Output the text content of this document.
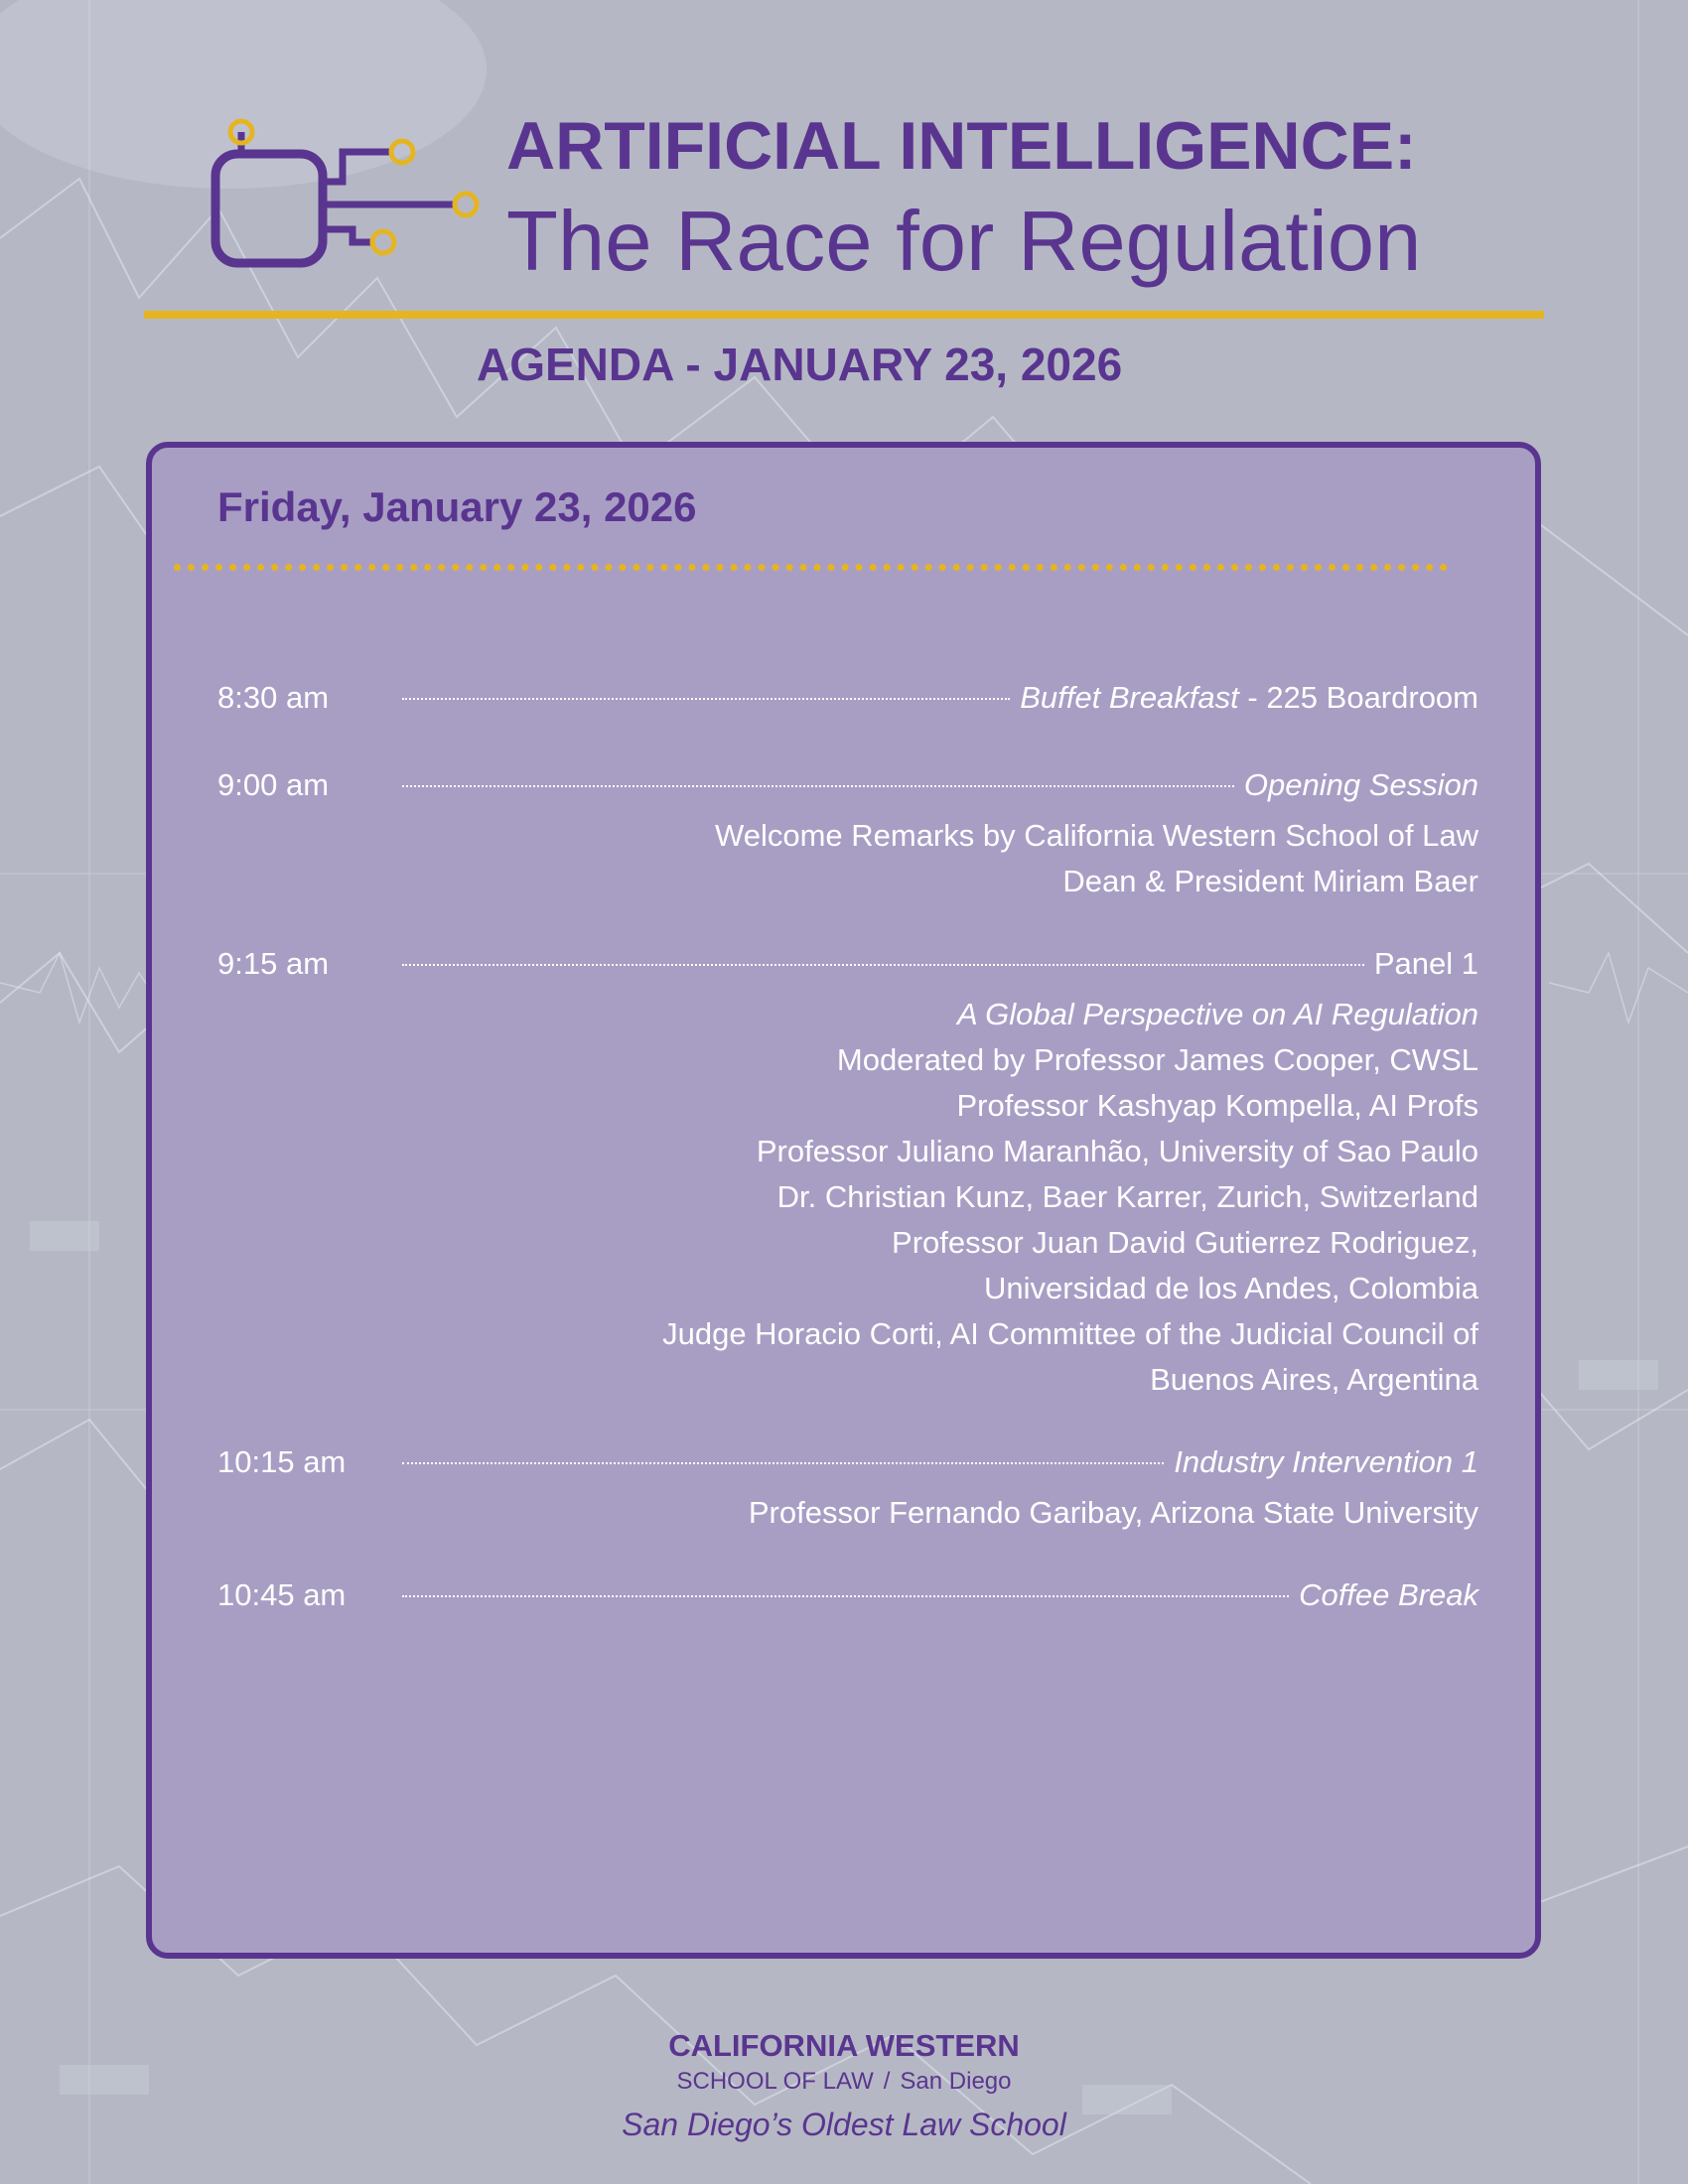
ARTIFICIAL INTELLIGENCE:
The Race for Regulation
AGENDA - JANUARY 23, 2026
Friday, January 23, 2026
8:30 am	Buffet Breakfast - 225 Boardroom
9:00 am	Opening Session
Welcome Remarks by California Western School of Law
Dean & President Miriam Baer
9:15 am	Panel 1
A Global Perspective on AI Regulation
Moderated by Professor James Cooper, CWSL
Professor Kashyap Kompella, AI Profs
Professor Juliano Maranhão, University of Sao Paulo
Dr. Christian Kunz, Baer Karrer, Zurich, Switzerland
Professor Juan David Gutierrez Rodriguez,
Universidad de los Andes, Colombia
Judge Horacio Corti, AI Committee of the Judicial Council of
Buenos Aires, Argentina
10:15 am	Industry Intervention 1
Professor Fernando Garibay, Arizona State University
10:45 am	Coffee Break
CALIFORNIA WESTERN
SCHOOL OF LAW / San Diego
San Diego’s Oldest Law School
